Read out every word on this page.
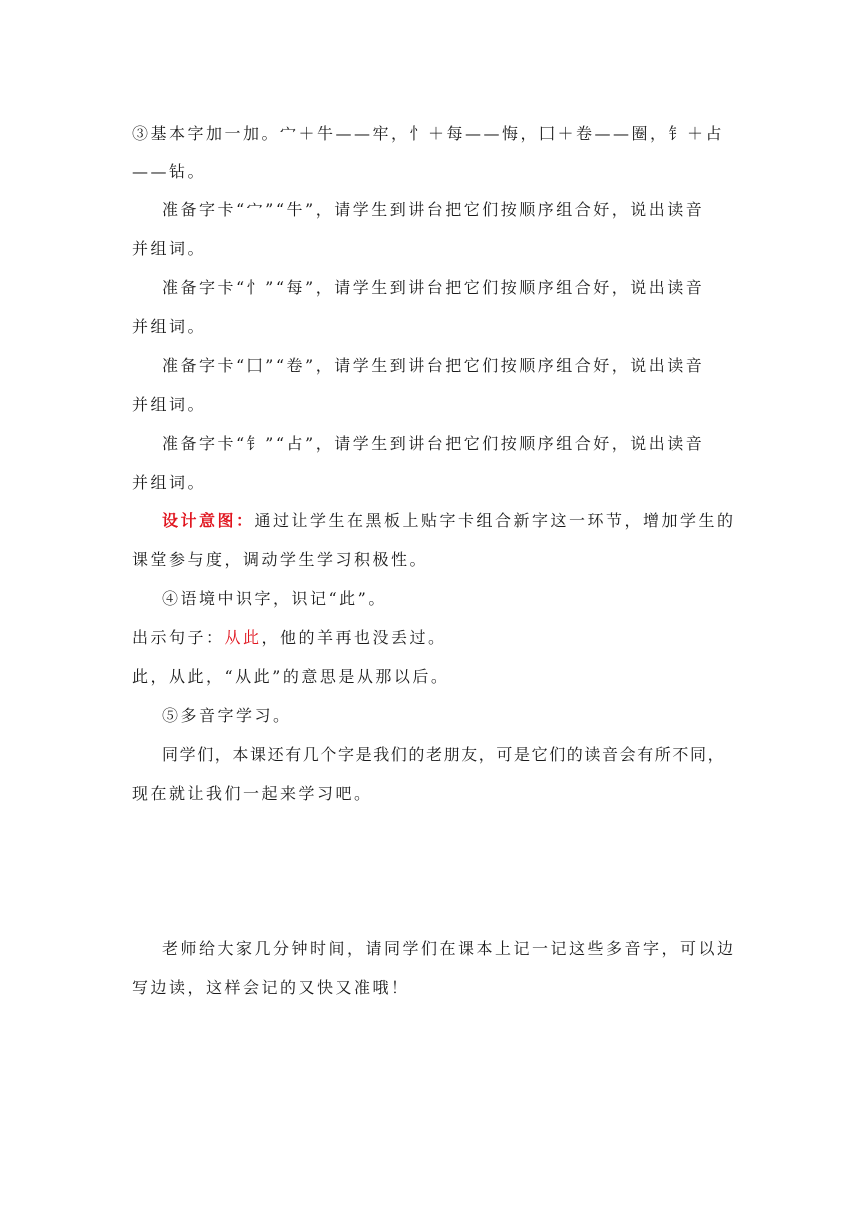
③基本字加一加。宀＋牛——牢，忄＋每——悔，囗＋卷——圈，钅＋占
——钻。
准备字卡“宀”“牛”，请学生到讲台把它们按顺序组合好，说出读音
并组词。
准备字卡“忄”“每”，请学生到讲台把它们按顺序组合好，说出读音
并组词。
准备字卡“囗”“卷”，请学生到讲台把它们按顺序组合好，说出读音
并组词。
准备字卡“钅”“占”，请学生到讲台把它们按顺序组合好，说出读音
并组词。
设计意图：通过让学生在黑板上贴字卡组合新字这一环节，增加学生的
课堂参与度，调动学生学习积极性。
④语境中识字，识记“此”。
出示句子：从此，他的羊再也没丢过。
此，从此，“从此”的意思是从那以后。
⑤多音字学习。
同学们，本课还有几个字是我们的老朋友，可是它们的读音会有所不同，
现在就让我们一起来学习吧。
老师给大家几分钟时间，请同学们在课本上记一记这些多音字，可以边
写边读，这样会记的又快又准哦！
